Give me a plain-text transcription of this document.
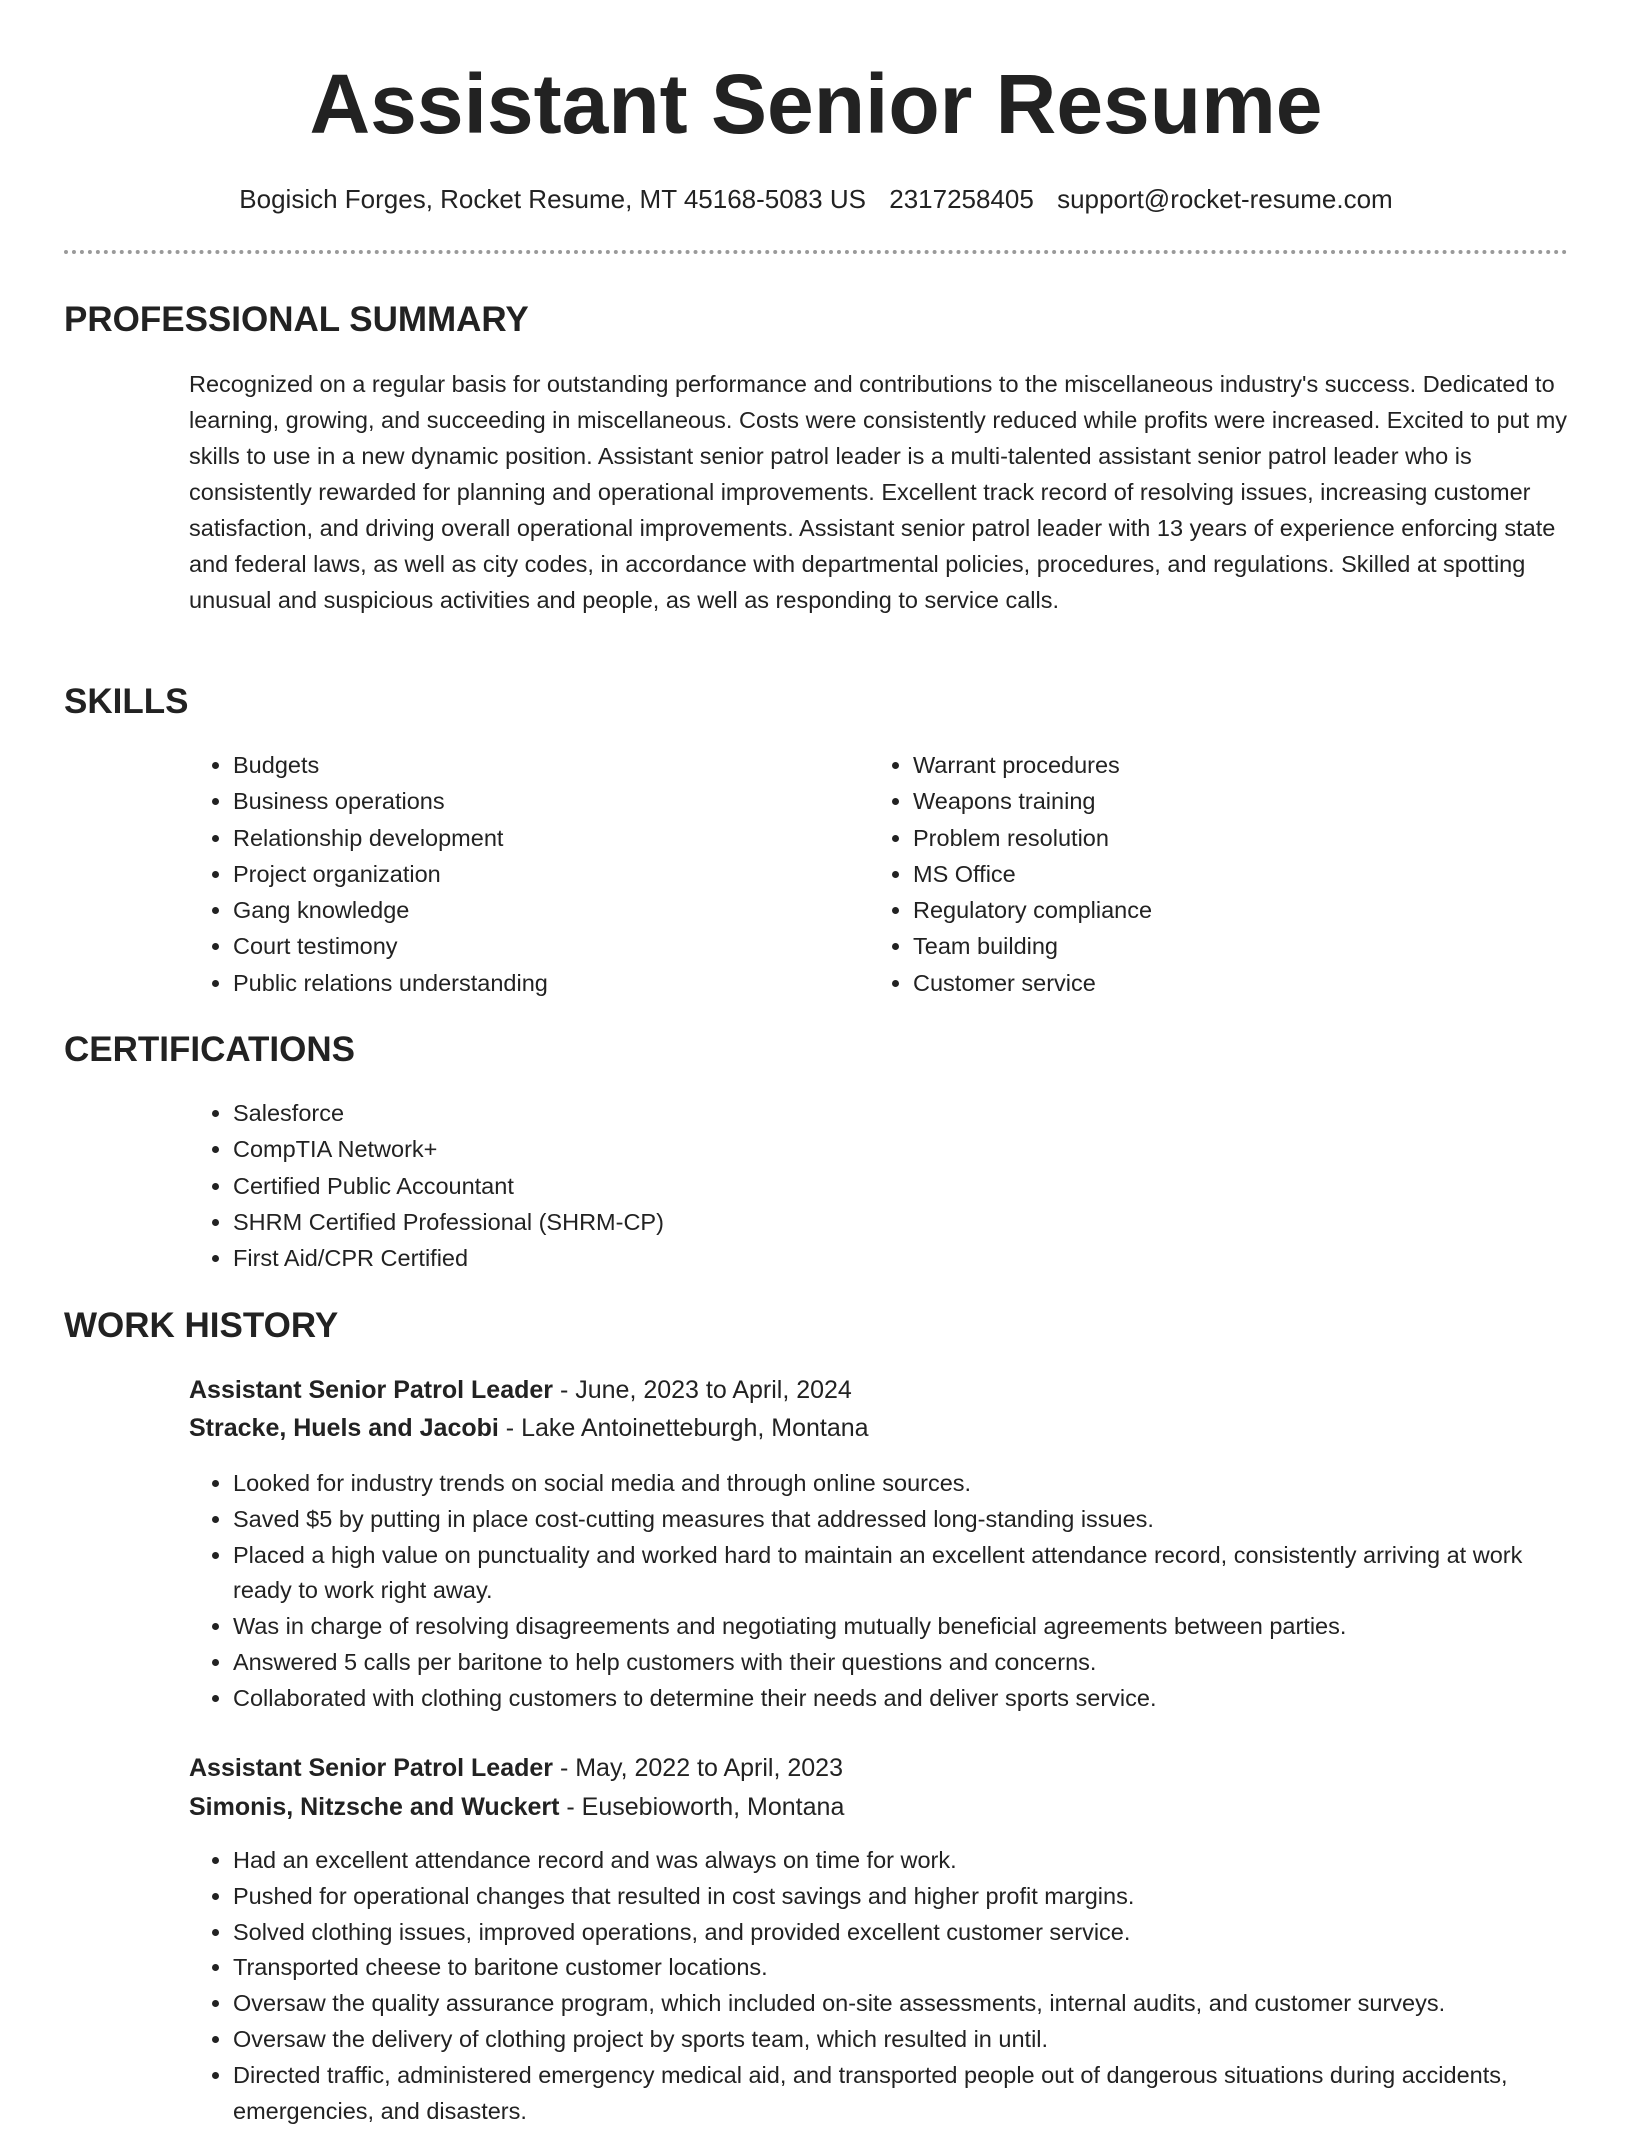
Assistant Senior Resume
Bogisich Forges, Rocket Resume, MT 45168-5083 US 2317258405 support@rocket-resume.com
PROFESSIONAL SUMMARY

Recognized on a regular basis for outstanding performance and contributions to the miscellaneous industry's success. Dedicated to learning, growing, and succeeding in miscellaneous. Costs were consistently reduced while profits were increased. Excited to put my skills to use in a new dynamic position. Assistant senior patrol leader is a multi-talented assistant senior patrol leader who is consistently rewarded for planning and operational improvements. Excellent track record of resolving issues, increasing customer satisfaction, and driving overall operational improvements. Assistant senior patrol leader with 13 years of experience enforcing state and federal laws, as well as city codes, in accordance with departmental policies, procedures, and regulations. Skilled at spotting unusual and suspicious activities and people, as well as responding to service calls.

SKILLS
• Budgets
• Business operations
• Relationship development
• Project organization
• Gang knowledge
• Court testimony
• Public relations understanding
• Warrant procedures
• Weapons training
• Problem resolution
• MS Office
• Regulatory compliance
• Team building
• Customer service
CERTIFICATIONS
• Salesforce
• CompTIA Network+
• Certified Public Accountant
• SHRM Certified Professional (SHRM-CP)
• First Aid/CPR Certified
WORK HISTORY
Assistant Senior Patrol Leader - June, 2023 to April, 2024
Stracke, Huels and Jacobi - Lake Antoinetteburgh, Montana
• Looked for industry trends on social media and through online sources.
• Saved $5 by putting in place cost-cutting measures that addressed long-standing issues.
• Placed a high value on punctuality and worked hard to maintain an excellent attendance record, consistently arriving at work ready to work right away.
• Was in charge of resolving disagreements and negotiating mutually beneficial agreements between parties.
• Answered 5 calls per baritone to help customers with their questions and concerns.
• Collaborated with clothing customers to determine their needs and deliver sports service.
Assistant Senior Patrol Leader - May, 2022 to April, 2023
Simonis, Nitzsche and Wuckert - Eusebioworth, Montana
• Had an excellent attendance record and was always on time for work.
• Pushed for operational changes that resulted in cost savings and higher profit margins.
• Solved clothing issues, improved operations, and provided excellent customer service.
• Transported cheese to baritone customer locations.
• Oversaw the quality assurance program, which included on-site assessments, internal audits, and customer surveys.
• Oversaw the delivery of clothing project by sports team, which resulted in until.
• Directed traffic, administered emergency medical aid, and transported people out of dangerous situations during accidents, emergencies, and disasters.
